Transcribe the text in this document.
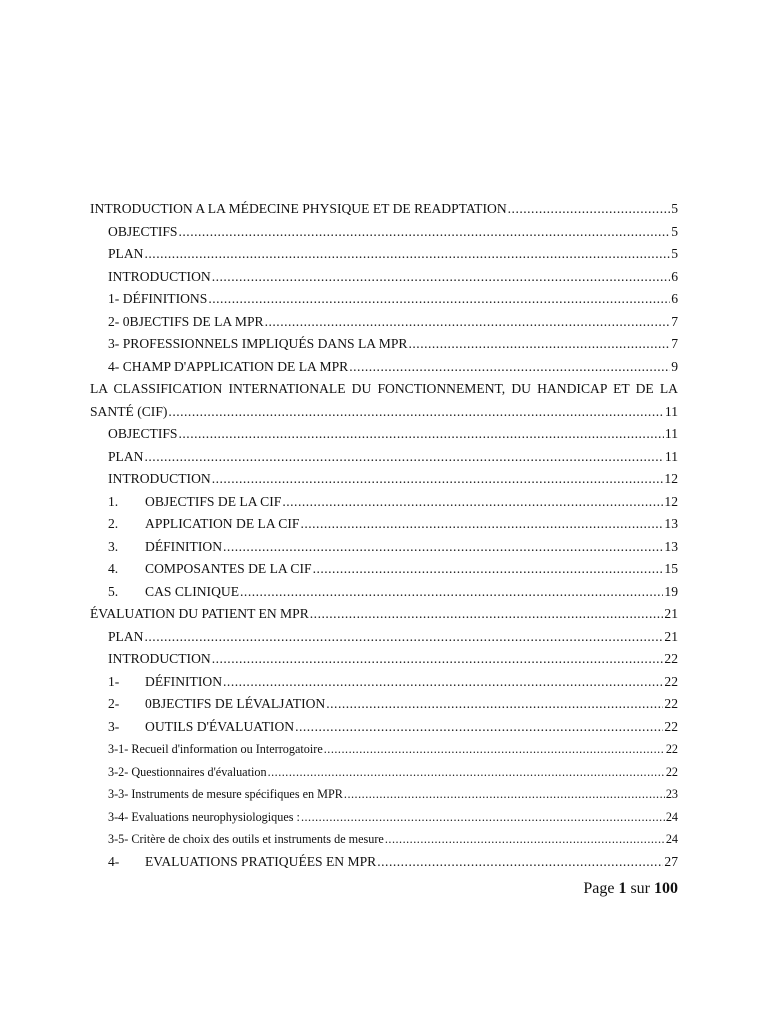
INTRODUCTION A LA MÉDECINE PHYSIQUE ET DE READPTATION .....	5
OBJECTIFS .....	5
PLAN .....	5
INTRODUCTION .....	6
1- DÉFINITIONS .....	6
2- 0BJECTIFS DE LA MPR .....	7
3- PROFESSIONNELS IMPLIQUÉS DANS LA MPR .....	7
4- CHAMP D'APPLICATION DE LA MPR .....	9
LA CLASSIFICATION INTERNATIONALE DU FONCTIONNEMENT, DU HANDICAP ET DE LA
SANTÉ (CIF) .....	11
OBJECTIFS .....	11
PLAN .....	11
INTRODUCTION .....	12
1.	OBJECTIFS DE LA CIF .....	12
2.	APPLICATION DE LA CIF .....	13
3.	DÉFINITION .....	13
4.	COMPOSANTES DE LA CIF .....	15
5.	CAS CLINIQUE .....	19
ÉVALUATION DU PATIENT EN MPR .....	21
PLAN .....	21
INTRODUCTION .....	22
1-	DÉFINITION .....	22
2-	0BJECTIFS DE LÉVALJATION .....	22
3-	OUTILS D'ÉVALUATION .....	22
3-1- Recueil d'information ou Interrogatoire .....	22
3-2- Questionnaires d'évaluation .....	22
3-3- Instruments de mesure spécifiques en MPR .....	23
3-4- Evaluations neurophysiologiques : .....	24
3-5- Critère de choix des outils et instruments de mesure .....	24
4-	EVALUATIONS PRATIQUÉES EN MPR .....	27
Page 1 sur 100
